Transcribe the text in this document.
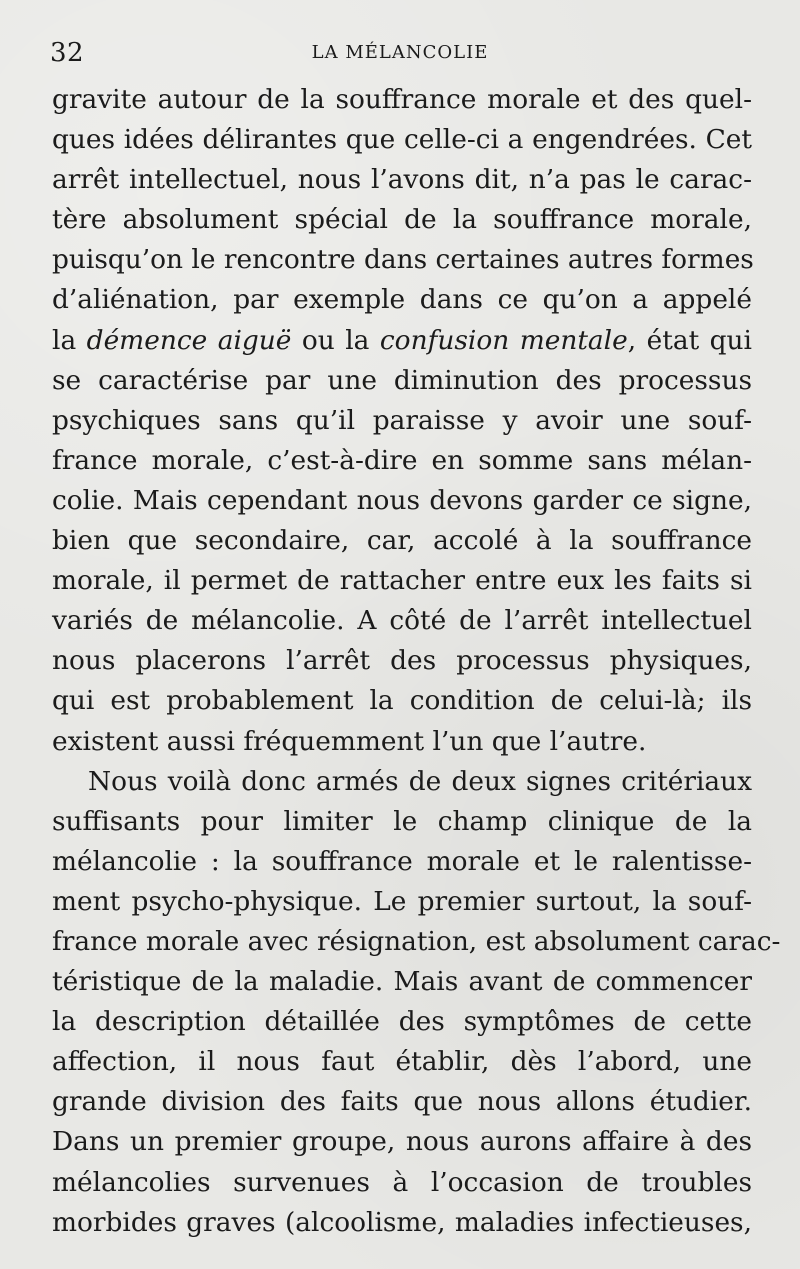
32	LA MÉLANCOLIE
gravite autour de la souffrance morale et des quel-
ques idées délirantes que celle-ci a engendrées. Cet
arrêt intellectuel, nous l’avons dit, n’a pas le carac-
tère absolument spécial de la souffrance morale,
puisqu’on le rencontre dans certaines autres formes
d’aliénation, par exemple dans ce qu’on a appelé
la démence aiguë ou la confusion mentale, état qui
se caractérise par une diminution des processus
psychiques sans qu’il paraisse y avoir une souf-
france morale, c’est-à-dire en somme sans mélan-
colie. Mais cependant nous devons garder ce signe,
bien que secondaire, car, accolé à la souffrance
morale, il permet de rattacher entre eux les faits si
variés de mélancolie. A côté de l’arrêt intellectuel
nous placerons l’arrêt des processus physiques,
qui est probablement la condition de celui-là; ils
existent aussi fréquemment l’un que l’autre.
Nous voilà donc armés de deux signes critériaux
suffisants pour limiter le champ clinique de la
mélancolie : la souffrance morale et le ralentisse-
ment psycho-physique. Le premier surtout, la souf-
france morale avec résignation, est absolument carac-
téristique de la maladie. Mais avant de commencer
la description détaillée des symptômes de cette
affection, il nous faut établir, dès l’abord, une
grande division des faits que nous allons étudier.
Dans un premier groupe, nous aurons affaire à des
mélancolies survenues à l’occasion de troubles
morbides graves (alcoolisme, maladies infectieuses,
